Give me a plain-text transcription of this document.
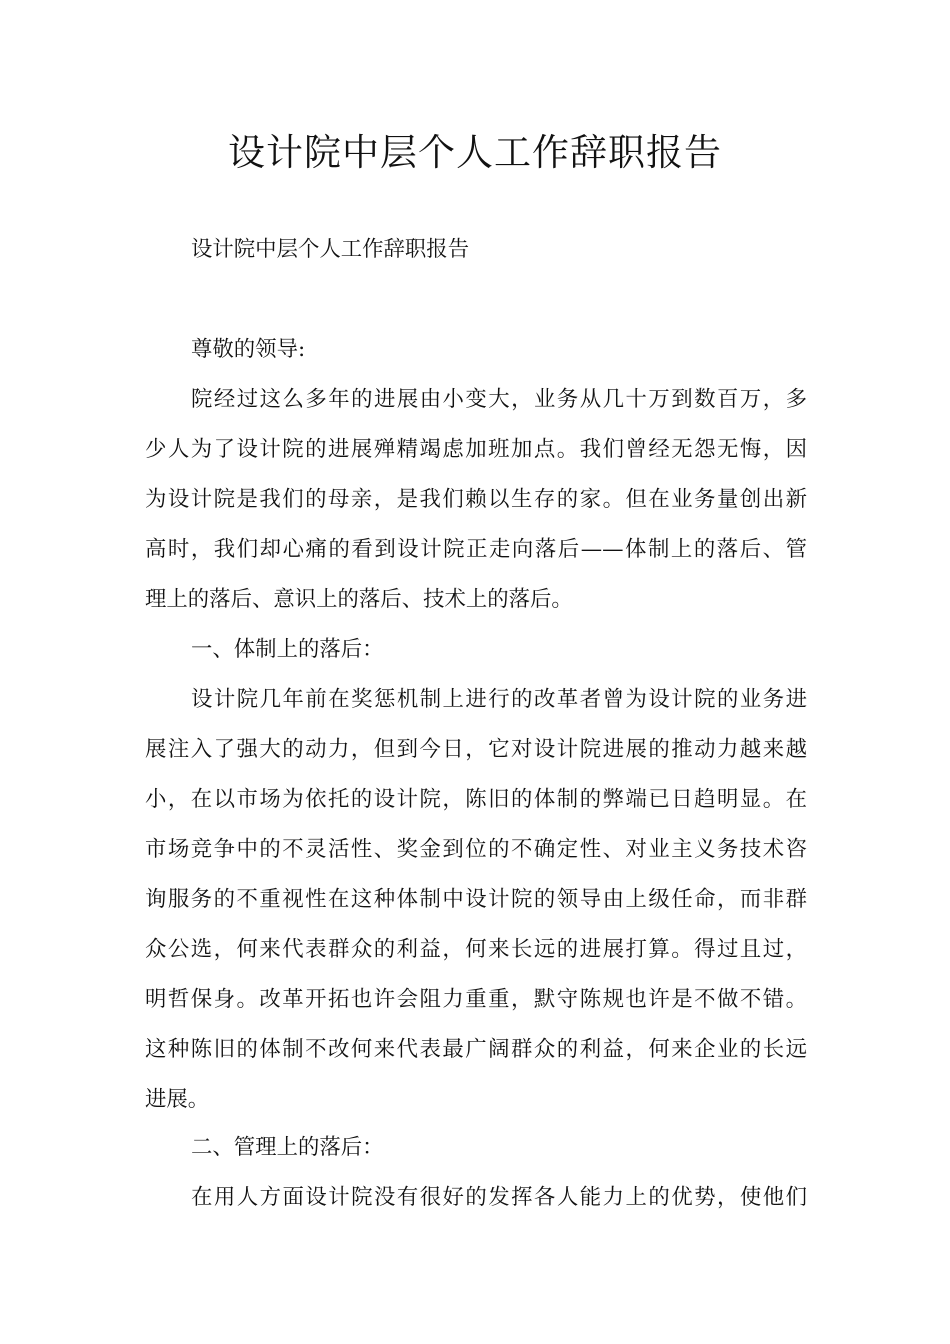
设计院中层个人工作辞职报告

设计院中层个人工作辞职报告

尊敬的领导:

院经过这么多年的进展由小变大，业务从几十万到数百万，多
少人为了设计院的进展殚精竭虑加班加点。我们曾经无怨无悔，因
为设计院是我们的母亲，是我们赖以生存的家。但在业务量创出新
高时，我们却心痛的看到设计院正走向落后——体制上的落后、管
理上的落后、意识上的落后、技术上的落后。

一、体制上的落后：

设计院几年前在奖惩机制上进行的改革者曾为设计院的业务进
展注入了强大的动力，但到今日，它对设计院进展的推动力越来越
小，在以市场为依托的设计院，陈旧的体制的弊端已日趋明显。在
市场竞争中的不灵活性、奖金到位的不确定性、对业主义务技术咨
询服务的不重视性在这种体制中设计院的领导由上级任命，而非群
众公选，何来代表群众的利益，何来长远的进展打算。得过且过，
明哲保身。改革开拓也许会阻力重重，默守陈规也许是不做不错。
这种陈旧的体制不改何来代表最广阔群众的利益，何来企业的长远
进展。

二、管理上的落后：

在用人方面设计院没有很好的发挥各人能力上的优势，使他们
